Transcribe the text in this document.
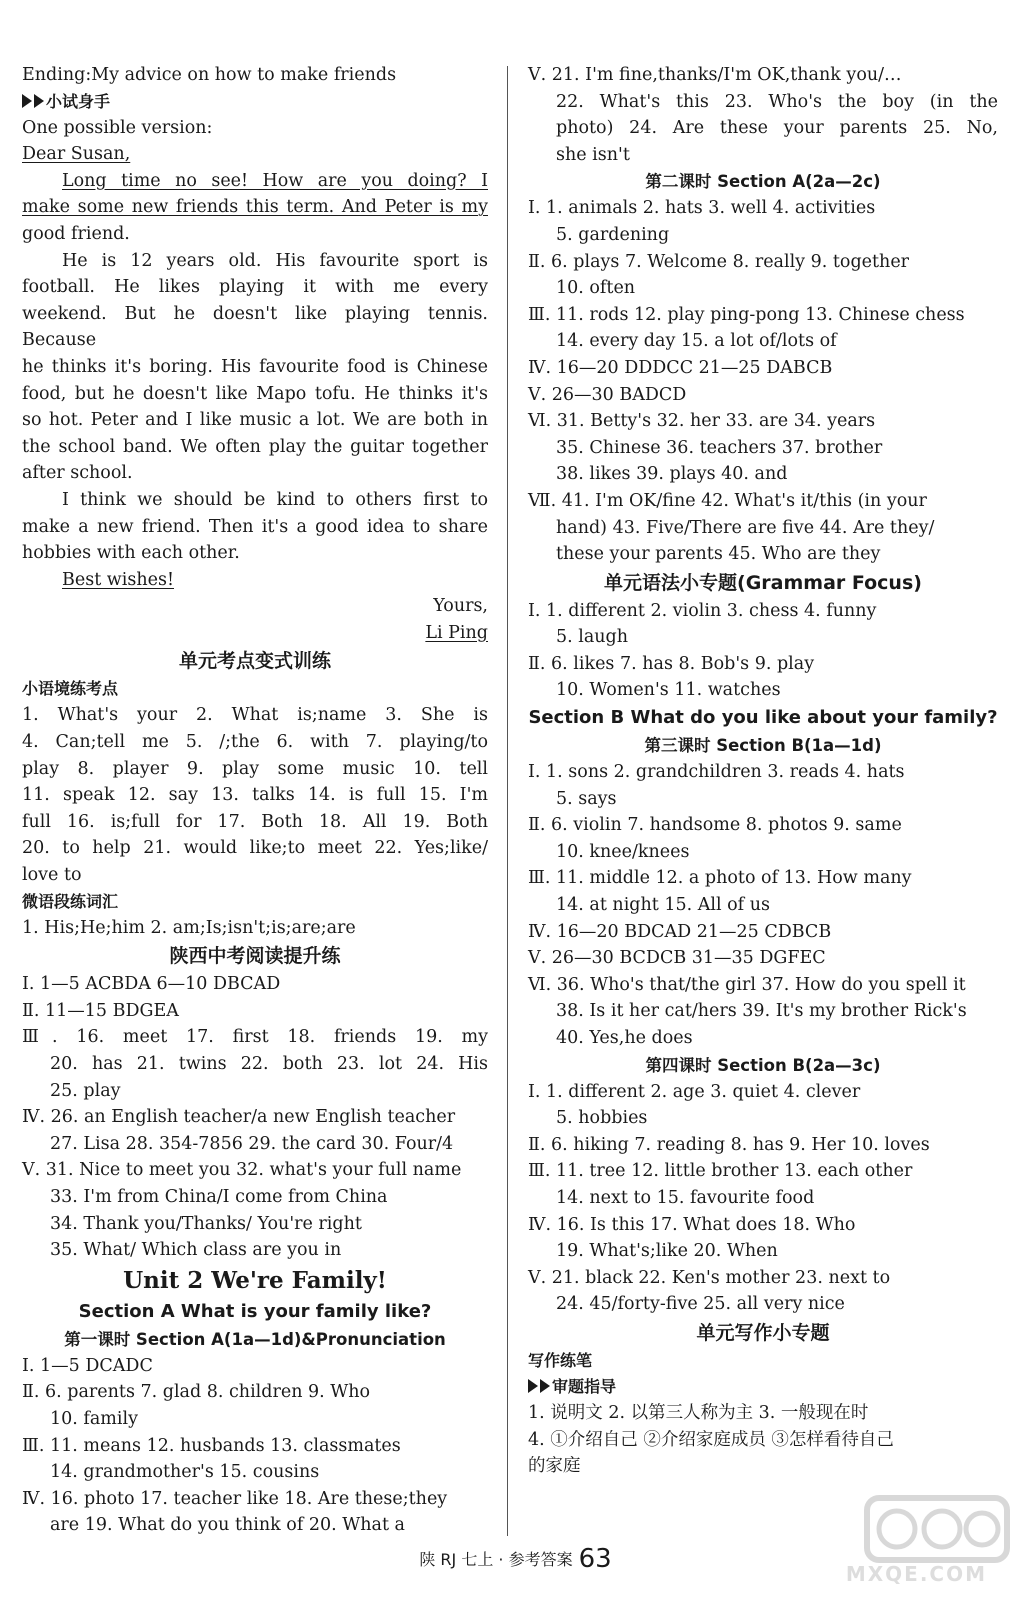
Ending:My advice on how to make friends
小试身手
One possible version:
Dear Susan,
Long time no see! How are you doing? I
make some new friends this term. And Peter is my
good friend.
He is 12 years old. His favourite sport is
football. He likes playing it with me every
weekend. But he doesn't like playing tennis. Because
he thinks it's boring. His favourite food is Chinese
food, but he doesn't like Mapo tofu. He thinks it's
so hot. Peter and I like music a lot. We are both in
the school band. We often play the guitar together
after school.
I think we should be kind to others first to
make a new friend. Then it's a good idea to share
hobbies with each other.
Best wishes!
Yours,
Li Ping
单元考点变式训练
小语境练考点
1. What's your 2. What is;name 3. She is
4. Can;tell me 5. /;the 6. with 7. playing/to
play 8. player 9. play some music 10. tell
11. speak 12. say 13. talks 14. is full 15. I'm
full 16. is;full for 17. Both 18. All 19. Both
20. to help 21. would like;to meet 22. Yes;like/
love to
微语段练词汇
1. His;He;him 2. am;Is;isn't;is;are;are
陕西中考阅读提升练
Ⅰ. 1—5 ACBDA 6—10 DBCAD
Ⅱ. 11—15 BDGEA
Ⅲ. 16. meet 17. first 18. friends 19. my
20. has 21. twins 22. both 23. lot 24. His
25. play
Ⅳ. 26. an English teacher/a new English teacher
27. Lisa 28. 354-7856 29. the card 30. Four/4
Ⅴ. 31. Nice to meet you 32. what's your full name
33. I'm from China/I come from China
34. Thank you/Thanks/ You're right
35. What/ Which class are you in
Unit 2 We're Family!
Section A What is your family like?
第一课时 Section A(1a—1d)&Pronunciation
Ⅰ. 1—5 DCADC
Ⅱ. 6. parents 7. glad 8. children 9. Who
10. family
Ⅲ. 11. means 12. husbands 13. classmates
14. grandmother's 15. cousins
Ⅳ. 16. photo 17. teacher like 18. Are these;they
are 19. What do you think of 20. What a
Ⅴ. 21. I'm fine,thanks/I'm OK,thank you/…
22. What's this 23. Who's the boy (in the
photo) 24. Are these your parents 25. No,
she isn't
第二课时 Section A(2a—2c)
Ⅰ. 1. animals 2. hats 3. well 4. activities
5. gardening
Ⅱ. 6. plays 7. Welcome 8. really 9. together
10. often
Ⅲ. 11. rods 12. play ping-pong 13. Chinese chess
14. every day 15. a lot of/lots of
Ⅳ. 16—20 DDDCC 21—25 DABCB
Ⅴ. 26—30 BADCD
Ⅵ. 31. Betty's 32. her 33. are 34. years
35. Chinese 36. teachers 37. brother
38. likes 39. plays 40. and
Ⅶ. 41. I'm OK/fine 42. What's it/this (in your
hand) 43. Five/There are five 44. Are they/
these your parents 45. Who are they
单元语法小专题(Grammar Focus)
Ⅰ. 1. different 2. violin 3. chess 4. funny
5. laugh
Ⅱ. 6. likes 7. has 8. Bob's 9. play
10. Women's 11. watches
Section B What do you like about your family?
第三课时 Section B(1a—1d)
Ⅰ. 1. sons 2. grandchildren 3. reads 4. hats
5. says
Ⅱ. 6. violin 7. handsome 8. photos 9. same
10. knee/knees
Ⅲ. 11. middle 12. a photo of 13. How many
14. at night 15. All of us
Ⅳ. 16—20 BDCAD 21—25 CDBCB
Ⅴ. 26—30 BCDCB 31—35 DGFEC
Ⅵ. 36. Who's that/the girl 37. How do you spell it
38. Is it her cat/hers 39. It's my brother Rick's
40. Yes,he does
第四课时 Section B(2a—3c)
Ⅰ. 1. different 2. age 3. quiet 4. clever
5. hobbies
Ⅱ. 6. hiking 7. reading 8. has 9. Her 10. loves
Ⅲ. 11. tree 12. little brother 13. each other
14. next to 15. favourite food
Ⅳ. 16. Is this 17. What does 18. Who
19. What's;like 20. When
Ⅴ. 21. black 22. Ken's mother 23. next to
24. 45/forty-five 25. all very nice
单元写作小专题
写作练笔
审题指导
1. 说明文 2. 以第三人称为主 3. 一般现在时
4. ①介绍自己 ②介绍家庭成员 ③怎样看待自己
的家庭
陕 RJ 七上 · 参考答案 63	MXQE.COM
